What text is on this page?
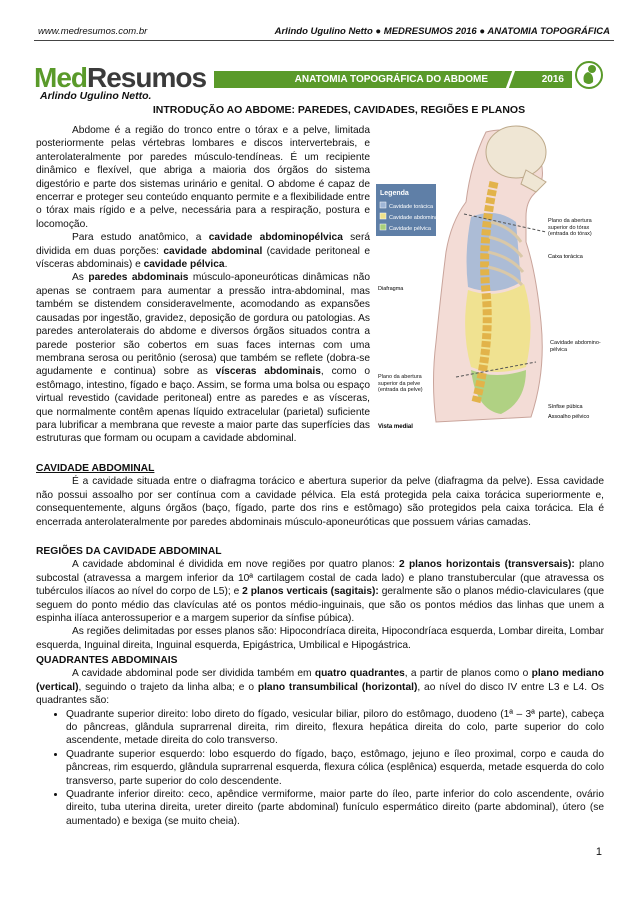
www.medresumos.com.br	Arlindo Ugulino Netto ● MEDRESUMOS 2016 ● ANATOMIA TOPOGRÁFICA
MedResumos	ANATOMIA TOPOGRÁFICA DO ABDOME	2016
Arlindo Ugulino Netto.
INTRODUÇÃO AO ABDOME: PAREDES, CAVIDADES, REGIÕES E PLANOS

Abdome é a região do tronco entre o tórax e a pelve, limitada posteriormente pelas vértebras lombares e discos intervertebrais, e anterolateralmente por paredes músculo-tendíneas. É um recipiente dinâmico e flexível, que abriga a maioria dos órgãos do sistema digestório e parte dos sistemas urinário e genital. O abdome é capaz de encerrar e proteger seu conteúdo enquanto permite e a flexibilidade entre o tórax mais rígido e a pelve, necessária para a respiração, postura e locomoção.

Para estudo anatômico, a cavidade abdominopélvica será dividida em duas porções: cavidade abdominal (cavidade peritoneal e vísceras abdominais) e cavidade pélvica.

As paredes abdominais músculo-aponeuróticas dinâmicas não apenas se contraem para aumentar a pressão intra-abdominal, mas também se distendem consideravelmente, acomodando as expansões causadas por ingestão, gravidez, deposição de gordura ou patologias. As paredes anterolaterais do abdome e diversos órgãos situados contra a parede posterior são cobertos em suas faces internas com uma membrana serosa ou peritônio (serosa) que também se reflete (dobra-se agudamente e continua) sobre as vísceras abdominais, como o estômago, intestino, fígado e baço. Assim, se forma uma bolsa ou espaço virtual revestido (cavidade peritoneal) entre as paredes e as vísceras, que normalmente contêm apenas líquido extracelular (parietal) suficiente para lubrificar a membrana que reveste a maior parte das superfícies das estruturas que formam ou ocupam a cavidade abdominal.

Legenda
Cavidade torácica
Cavidade abdominal
Cavidade pélvica
Plano da abertura superior do tórax (entrada do tórax)
Caixa torácica
Diafragma
Cavidade abdomino-pélvica
Plano da abertura superior da pelve (entrada da pelve)
Sínfise púbica
Assoalho pélvico
Vista medial

CAVIDADE ABDOMINAL

É a cavidade situada entre o diafragma torácico e abertura superior da pelve (diafragma da pelve). Essa cavidade não possui assoalho por ser contínua com a cavidade pélvica. Ela está protegida pela caixa torácica superiormente e, consequentemente, alguns órgãos (baço, fígado, parte dos rins e estômago) são protegidos pela caixa torácica. Ela é encerrada anterolateralmente por paredes abdominais músculo-aponeuróticas que possuem várias camadas.

REGIÕES DA CAVIDADE ABDOMINAL

A cavidade abdominal é dividida em nove regiões por quatro planos: 2 planos horizontais (transversais): plano subcostal (atravessa a margem inferior da 10ª cartilagem costal de cada lado) e plano transtubercular (que atravessa os tubérculos ilíacos ao nível do corpo de L5); e 2 planos verticais (sagitais): geralmente são o planos médio-claviculares (que seguem do ponto médio das clavículas até os pontos médio-inguinais, que são os pontos médios das linhas que unem a espinha ilíaca anterossuperior e a margem superior da sínfise púbica).

As regiões delimitadas por esses planos são: Hipocondríaca direita, Hipocondríaca esquerda, Lombar direita, Lombar esquerda, Inguinal direita, Inguinal esquerda, Epigástrica, Umbilical e Hipogástrica.

QUADRANTES ABDOMINAIS

A cavidade abdominal pode ser dividida também em quatro quadrantes, a partir de planos como o plano mediano (vertical), seguindo o trajeto da linha alba; e o plano transumbilical (horizontal), ao nível do disco IV entre L3 e L4. Os quadrantes são:

• Quadrante superior direito: lobo direto do fígado, vesicular biliar, piloro do estômago, duodeno (1ª – 3ª parte), cabeça do pâncreas, glândula suprarrenal direita, rim direito, flexura hepática direita do colo, parte superior do colo ascendente, metade direita do colo transverso.
• Quadrante superior esquerdo: lobo esquerdo do fígado, baço, estômago, jejuno e íleo proximal, corpo e cauda do pâncreas, rim esquerdo, glândula suprarrenal esquerda, flexura cólica (esplênica) esquerda, metade esquerda do colo transverso, parte superior do colo descendente.
• Quadrante inferior direito: ceco, apêndice vermiforme, maior parte do íleo, parte inferior do colo ascendente, ovário direito, tuba uterina direita, ureter direito (parte abdominal) funículo espermático direito (parte abdominal), útero (se aumentado) e bexiga (se muito cheia).
1
